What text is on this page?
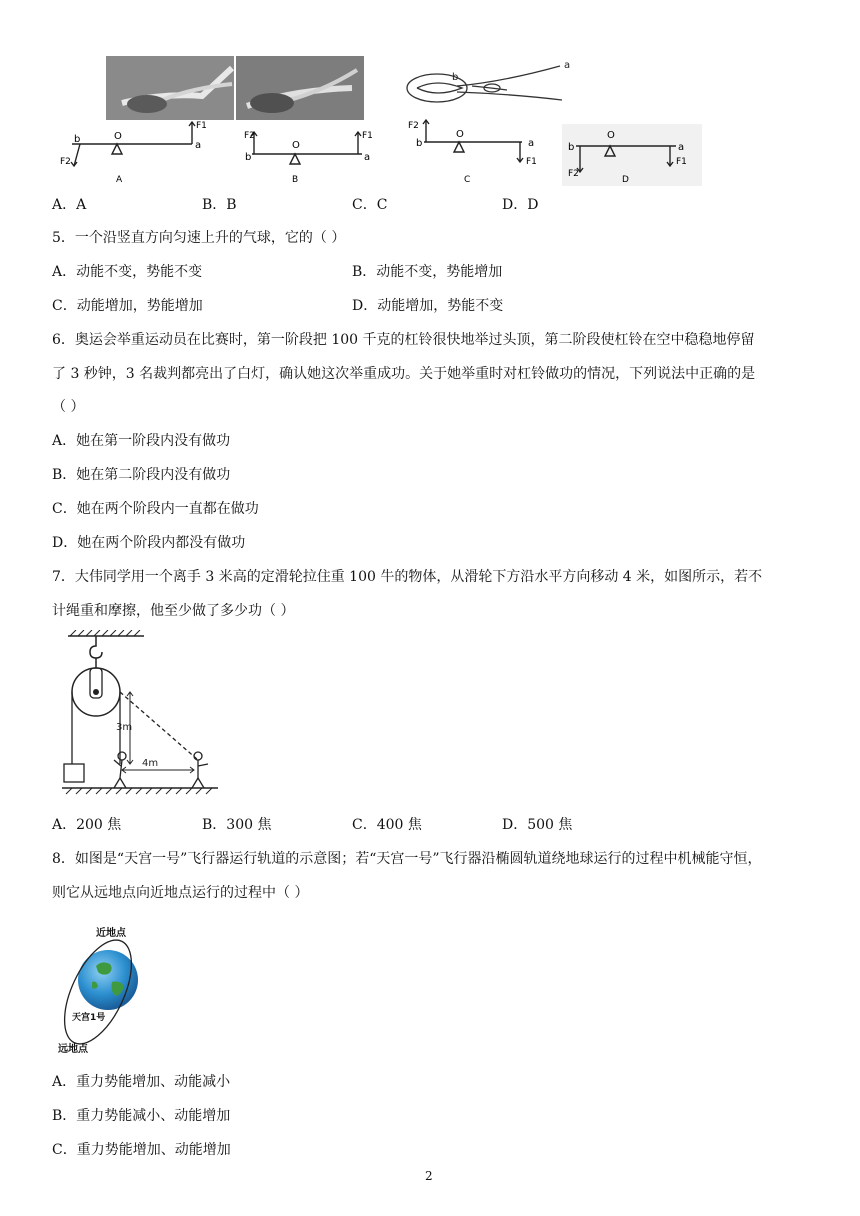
a
b
O
b
a
F1
F2
A
F2
O
b	a
F1
B
F2
O
b	a
F1
C
b
O
a
F1
F2
D
A．A	B．B	C．C	D．D
5．一个沿竖直方向匀速上升的气球，它的（ ）
A．动能不变，势能不变	B．动能不变，势能增加
C．动能增加，势能增加	D．动能增加，势能不变
6．奥运会举重运动员在比赛时，第一阶段把 100 千克的杠铃很快地举过头顶，第二阶段使杠铃在空中稳稳地停留
了 3 秒钟，3 名裁判都亮出了白灯，确认她这次举重成功。关于她举重时对杠铃做功的情况，下列说法中正确的是
（ ）
A．她在第一阶段内没有做功
B．她在第二阶段内没有做功
C．她在两个阶段内一直都在做功
D．她在两个阶段内都没有做功
7．大伟同学用一个离手 3 米高的定滑轮拉住重 100 牛的物体，从滑轮下方沿水平方向移动 4 米，如图所示，若不
计绳重和摩擦，他至少做了多少功（ ）
3m
4m
A．200 焦	B．300 焦	C．400 焦	D．500 焦
8．如图是“天宫一号”飞行器运行轨道的示意图；若“天宫一号”飞行器沿椭圆轨道绕地球运行的过程中机械能守恒，
则它从远地点向近地点运行的过程中（ ）
近地点
天宫1号
远地点
A．重力势能增加、动能减小
B．重力势能减小、动能增加
C．重力势能增加、动能增加
2
